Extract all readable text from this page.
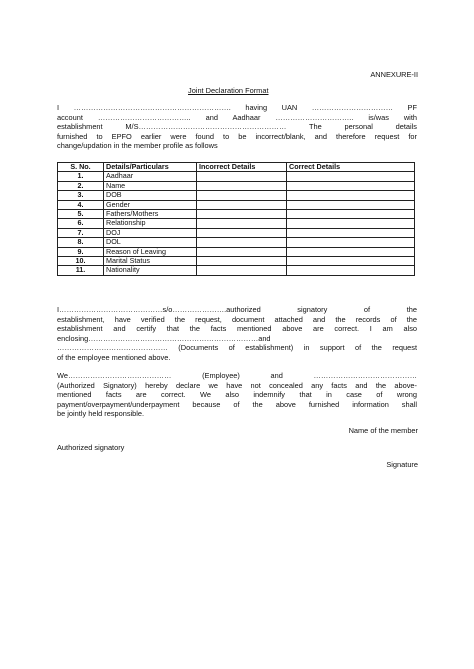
ANNEXURE-II
Joint Declaration Format
I ………………………………………………………. having UAN …………………………… PF
account ……………………………….. and Aadhaar ………………………….. is/was with
establishment M/S…………………………………………………… The personal details
furnished to EPFO earlier were found to be incorrect/blank, and therefore request for
change/updation in the member profile as follows
S. No.	Details/Particulars	Incorrect Details	Correct Details
1.	Aadhaar		
2.	Name		
3.	DOB		
4.	Gender		
5.	Fathers/Mothers		
6.	Relationship		
7.	DOJ		
8.	DOL		
9.	Reason of Leaving		
10.	Marital Status		
11.	Nationality		
I……………………………………s/o………………….authorized signatory of the
establishment, have verified the request, document attached and the records of the
establishment and certify that the facts mentioned above are correct. I am also
enclosing……………………………………………………………and
……………………………………… (Documents of establishment) in support of the request
of the employee mentioned above.
We…………………………………… (Employee) and ……………………………………
(Authorized Signatory) hereby declare we have not concealed any facts and the above-
mentioned facts are correct. We also indemnify that in case of wrong
payment/overpayment/underpayment because of the above furnished information shall
be jointly held responsible.
Name of the member
Authorized signatory
Signature
